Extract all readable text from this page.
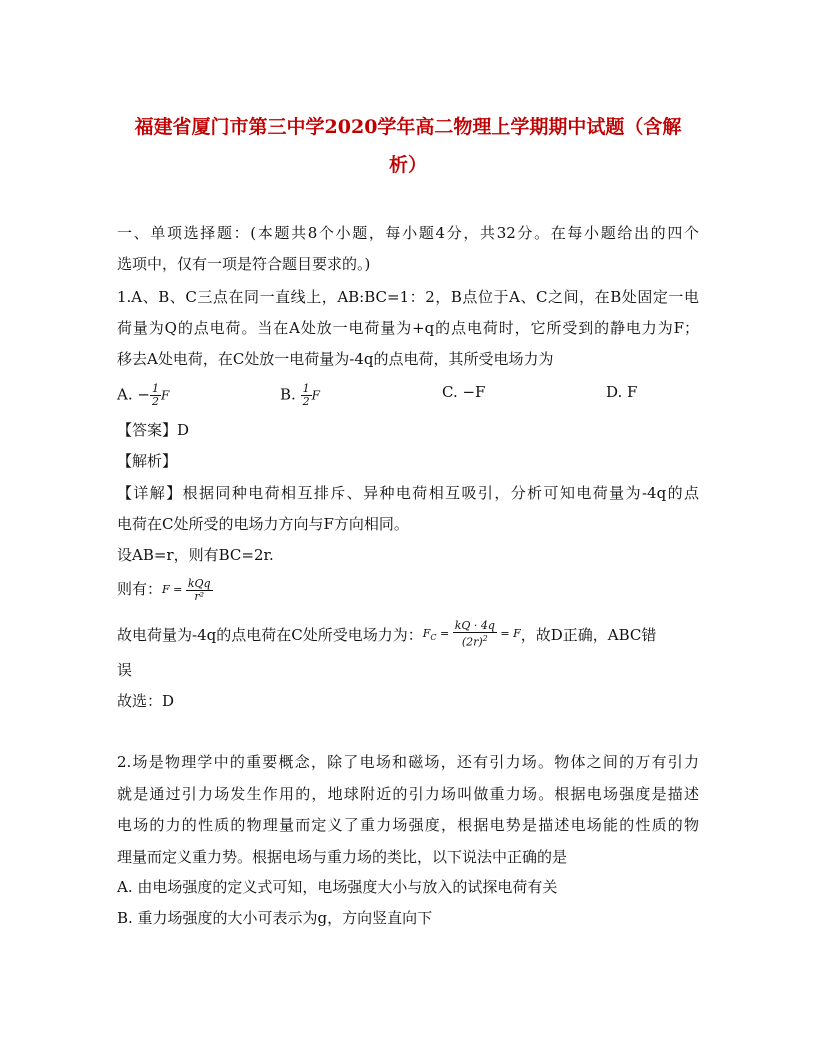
福建省厦门市第三中学2020学年高二物理上学期期中试题（含解
析）
一、单项选择题：(本题共8个小题，每小题4分，共32分。在每小题给出的四个
选项中，仅有一项是符合题目要求的。)
1.A、B、C三点在同一直线上，AB:BC=1：2，B点位于A、C之间，在B处固定一电
荷量为Q的点电荷。当在A处放一电荷量为+q的点电荷时，它所受到的静电力为F；
移去A处电荷，在C处放一电荷量为-4q的点电荷，其所受电场力为
A. − $\frac{1}{2}$ F	B. $\frac{1}{2}$ F	C. −F	D. F
【答案】D
【解析】
【详解】根据同种电荷相互排斥、异种电荷相互吸引，分析可知电荷量为-4q的点
电荷在C处所受的电场力方向与F方向相同。
设AB=r，则有BC=2r.
则有：$F = \frac{\text{kQq}}{\text{r²}}$
故电荷量为-4q的点电荷在C处所受电场力为：$F_C = \frac{kQ \cdot 4q}{(2r)^2} = F$，故D正确，ABC错
误
故选：D
2.场是物理学中的重要概念，除了电场和磁场，还有引力场。物体之间的万有引力
就是通过引力场发生作用的，地球附近的引力场叫做重力场。根据电场强度是描述
电场的力的性质的物理量而定义了重力场强度，根据电势是描述电场能的性质的物
理量而定义重力势。根据电场与重力场的类比，以下说法中正确的是
A. 由电场强度的定义式可知，电场强度大小与放入的试探电荷有关
B. 重力场强度的大小可表示为g，方向竖直向下
